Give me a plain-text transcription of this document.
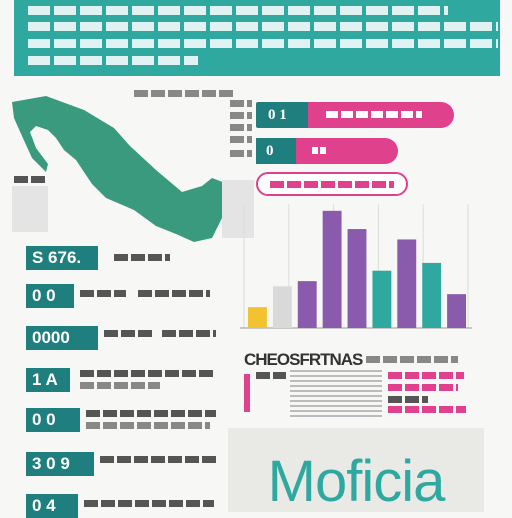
0 1
0
S 676.
0 0
0000
1 A
0 0
3 0 9
0 4
CHEOSFRTNAS
Moficia
